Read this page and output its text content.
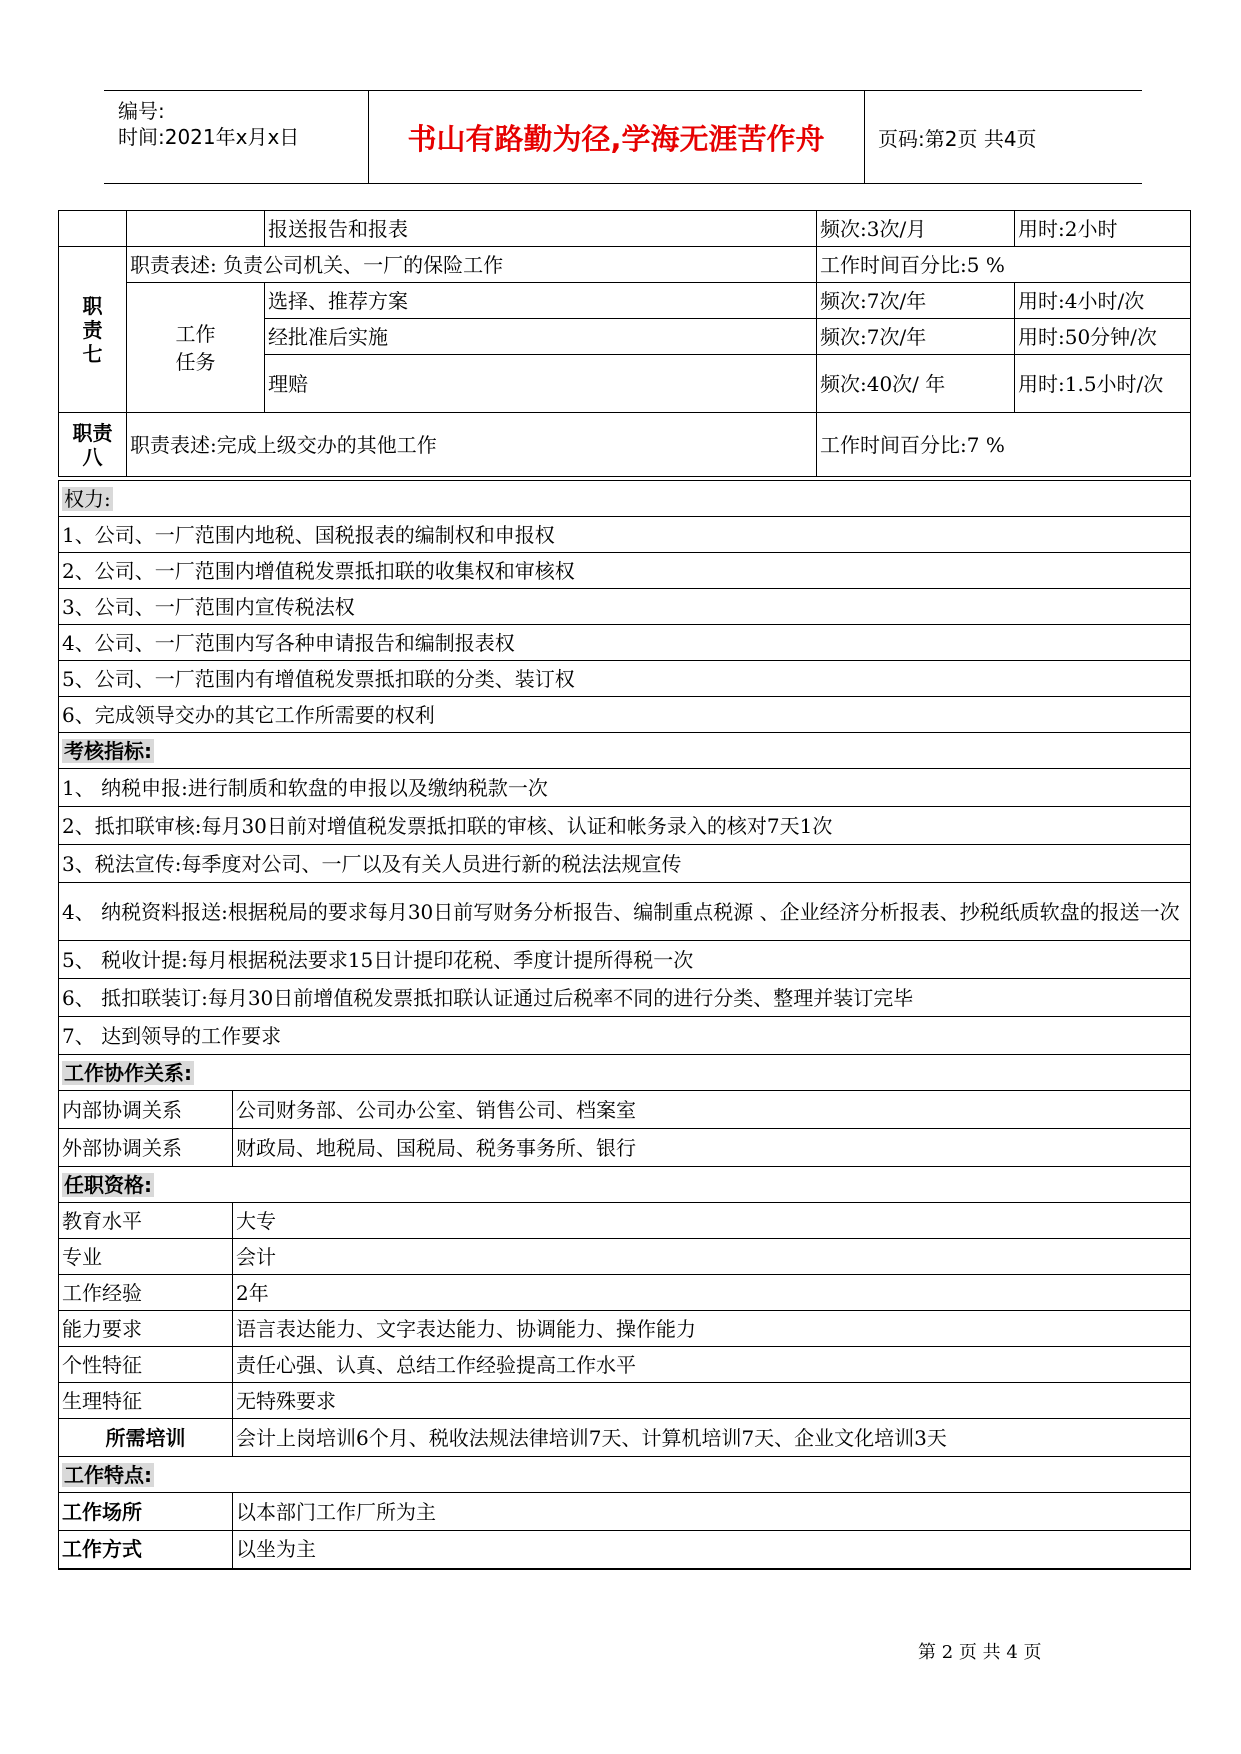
编号:
时间:2021年x月x日	书山有路勤为径,学海无涯苦作舟	页码:第2页 共4页
		报送报告和报表	频次:3次/月	用时:2小时
职责七	职责表述: 负责公司机关、一厂的保险工作		工作时间百分比:5 %	
	工作任务	选择、推荐方案	频次:7次/年	用时:4小时/次
		经批准后实施	频次:7次/年	用时:50分钟/次
		理赔	频次:40次/ 年	用时:1.5小时/次
职责八	职责表述:完成上级交办的其他工作		工作时间百分比:7 %	
权力:	
1、公司、一厂范围内地税、国税报表的编制权和申报权	
2、公司、一厂范围内增值税发票抵扣联的收集权和审核权	
3、公司、一厂范围内宣传税法权	
4、公司、一厂范围内写各种申请报告和编制报表权	
5、公司、一厂范围内有增值税发票抵扣联的分类、装订权	
6、完成领导交办的其它工作所需要的权利	
考核指标:	
1、 纳税申报:进行制质和软盘的申报以及缴纳税款一次	
2、抵扣联审核:每月30日前对增值税发票抵扣联的审核、认证和帐务录入的核对7天1次	
3、税法宣传:每季度对公司、一厂以及有关人员进行新的税法法规宣传	
4、 纳税资料报送:根据税局的要求每月30日前写财务分析报告、编制重点税源 、企业经济分析报表、抄税纸质软盘的报送一次	
5、 税收计提:每月根据税法要求15日计提印花税、季度计提所得税一次	
6、 抵扣联装订:每月30日前增值税发票抵扣联认证通过后税率不同的进行分类、整理并装订完毕	
7、 达到领导的工作要求	
工作协作关系:	
内部协调关系	公司财务部、公司办公室、销售公司、档案室
外部协调关系	财政局、地税局、国税局、税务事务所、银行
任职资格:	
教育水平	大专
专业	会计
工作经验	2年
能力要求	语言表达能力、文字表达能力、协调能力、操作能力
个性特征	责任心强、认真、总结工作经验提高工作水平
生理特征	无特殊要求
所需培训	会计上岗培训6个月、税收法规法律培训7天、计算机培训7天、企业文化培训3天
工作特点:	
工作场所	以本部门工作厂所为主
工作方式	以坐为主
第 2 页 共 4 页
